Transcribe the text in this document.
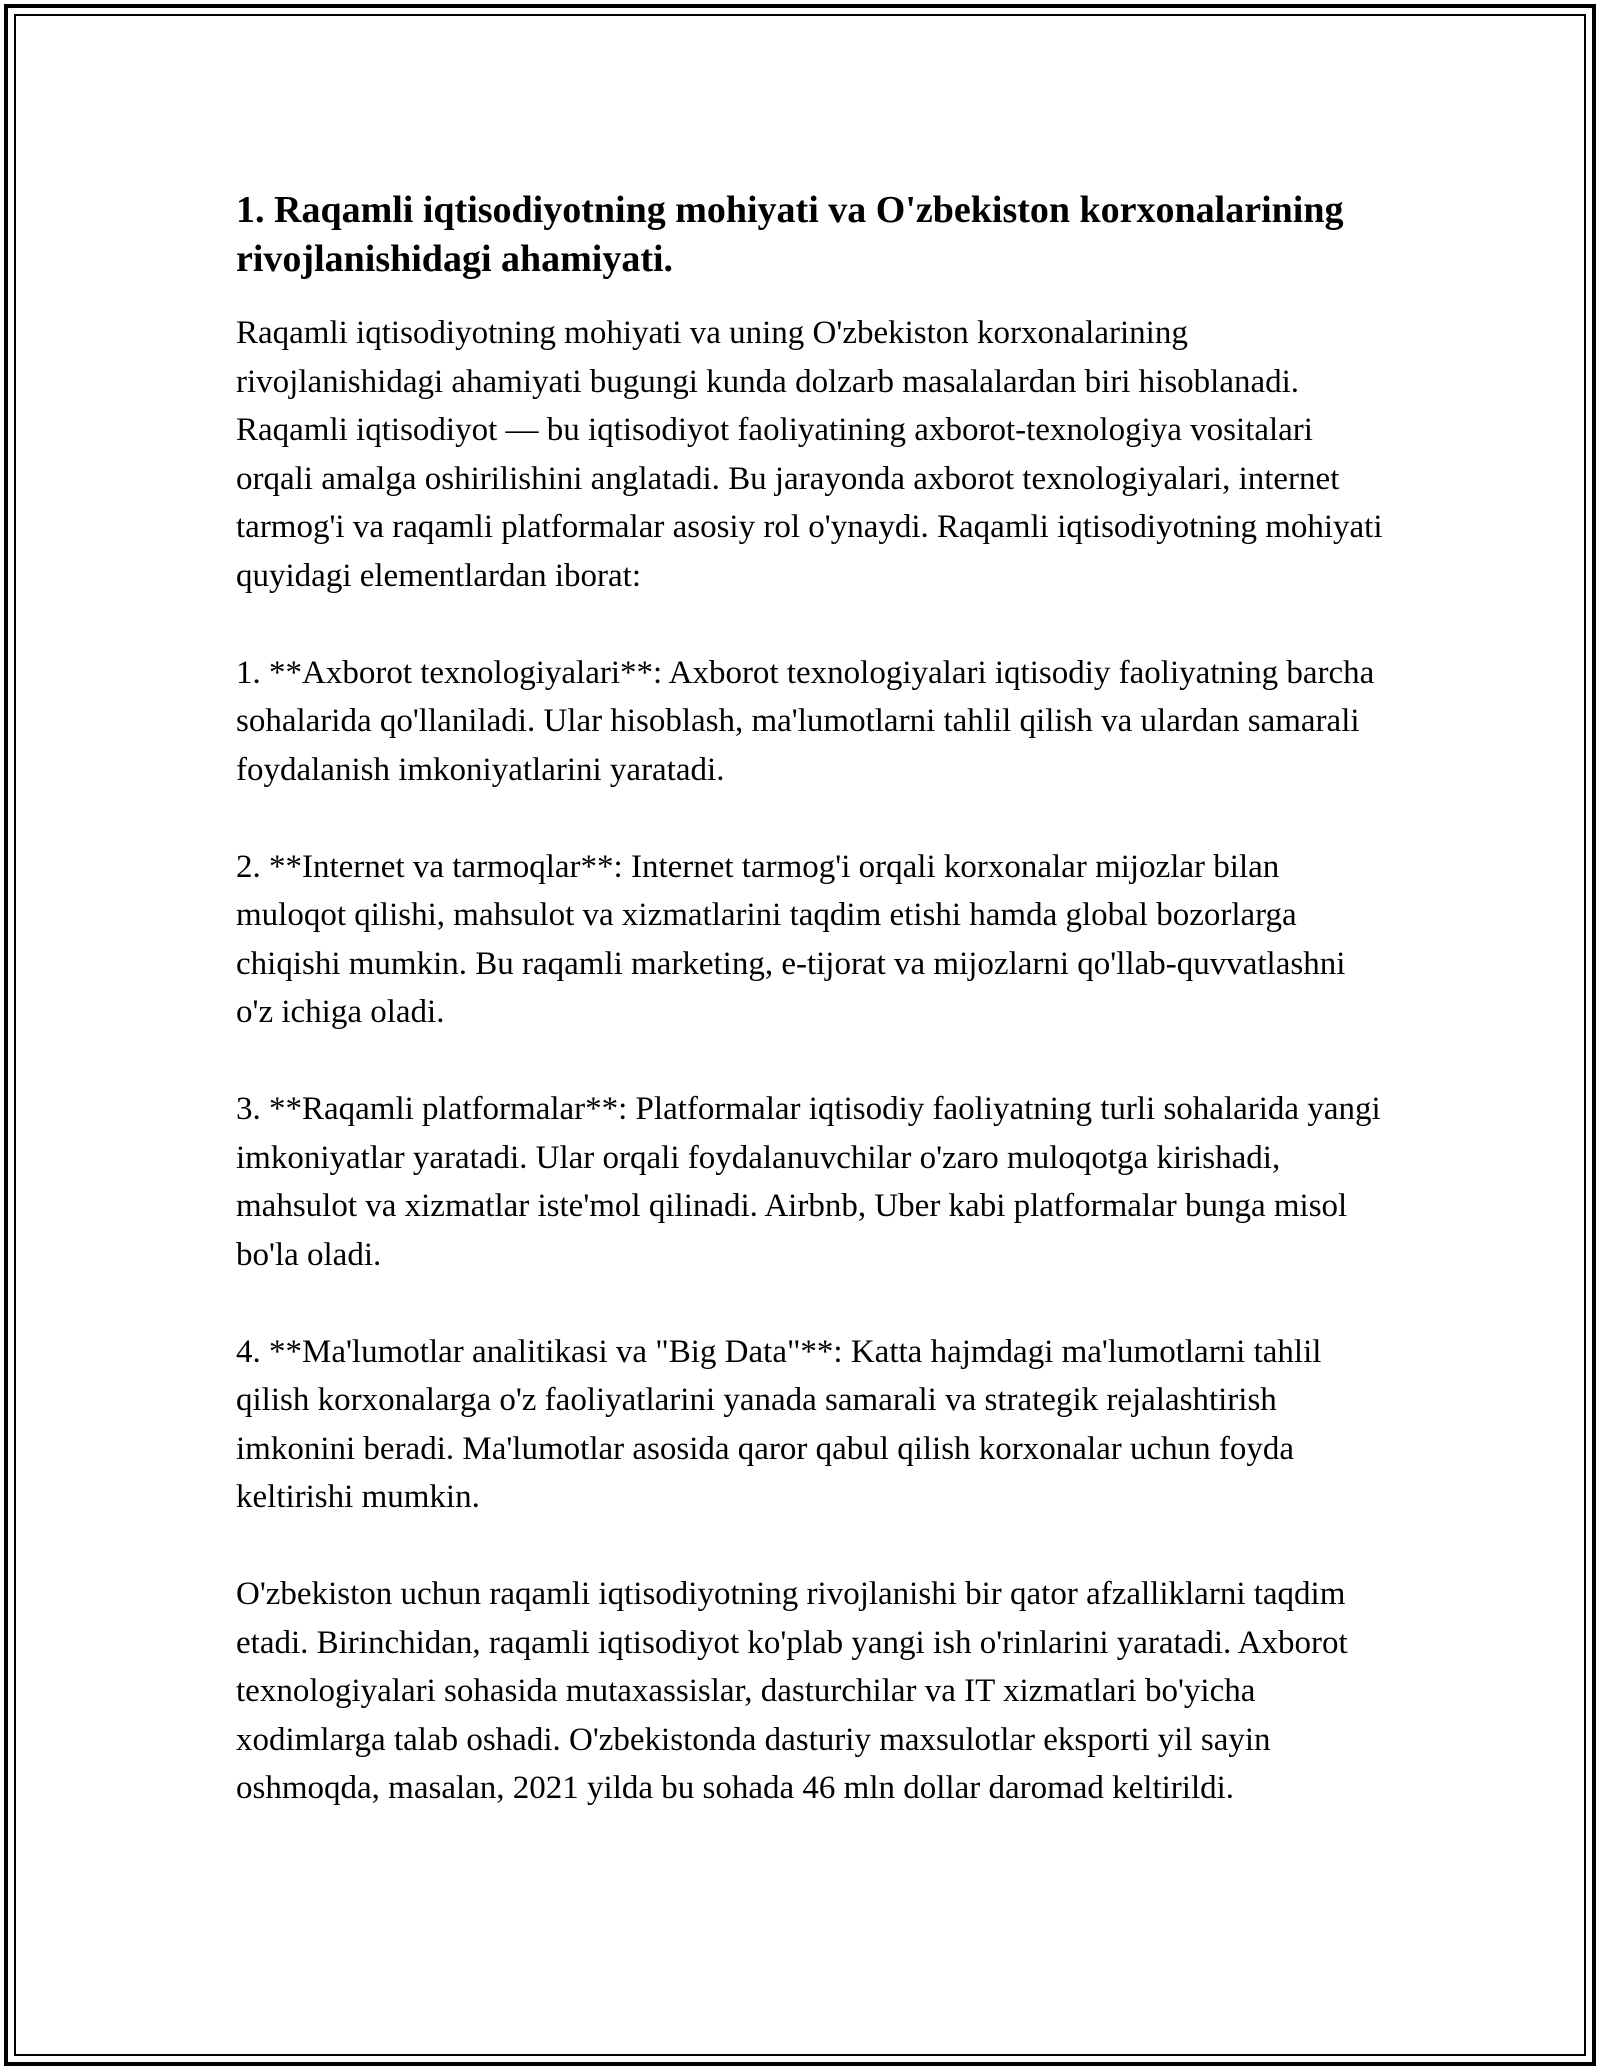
1. Raqamli iqtisodiyotning mohiyati va O'zbekiston korxonalarining rivojlanishidagi ahamiyati.

Raqamli iqtisodiyotning mohiyati va uning O'zbekiston korxonalarining rivojlanishidagi ahamiyati bugungi kunda dolzarb masalalardan biri hisoblanadi. Raqamli iqtisodiyot — bu iqtisodiyot faoliyatining axborot-texnologiya vositalari orqali amalga oshirilishini anglatadi. Bu jarayonda axborot texnologiyalari, internet tarmog'i va raqamli platformalar asosiy rol o'ynaydi. Raqamli iqtisodiyotning mohiyati quyidagi elementlardan iborat:

1. **Axborot texnologiyalari**: Axborot texnologiyalari iqtisodiy faoliyatning barcha sohalarida qo'llaniladi. Ular hisoblash, ma'lumotlarni tahlil qilish va ulardan samarali foydalanish imkoniyatlarini yaratadi.

2. **Internet va tarmoqlar**: Internet tarmog'i orqali korxonalar mijozlar bilan muloqot qilishi, mahsulot va xizmatlarini taqdim etishi hamda global bozorlarga chiqishi mumkin. Bu raqamli marketing, e-tijorat va mijozlarni qo'llab-quvvatlashni o'z ichiga oladi.

3. **Raqamli platformalar**: Platformalar iqtisodiy faoliyatning turli sohalarida yangi imkoniyatlar yaratadi. Ular orqali foydalanuvchilar o'zaro muloqotga kirishadi, mahsulot va xizmatlar iste'mol qilinadi. Airbnb, Uber kabi platformalar bunga misol bo'la oladi.

4. **Ma'lumotlar analitikasi va "Big Data"**: Katta hajmdagi ma'lumotlarni tahlil qilish korxonalarga o'z faoliyatlarini yanada samarali va strategik rejalashtirish imkonini beradi. Ma'lumotlar asosida qaror qabul qilish korxonalar uchun foyda keltirishi mumkin.

O'zbekiston uchun raqamli iqtisodiyotning rivojlanishi bir qator afzalliklarni taqdim etadi. Birinchidan, raqamli iqtisodiyot ko'plab yangi ish o'rinlarini yaratadi. Axborot texnologiyalari sohasida mutaxassislar, dasturchilar va IT xizmatlari bo'yicha xodimlarga talab oshadi. O'zbekistonda dasturiy maxsulotlar eksporti yil sayin oshmoqda, masalan, 2021 yilda bu sohada 46 mln dollar daromad keltirildi.
